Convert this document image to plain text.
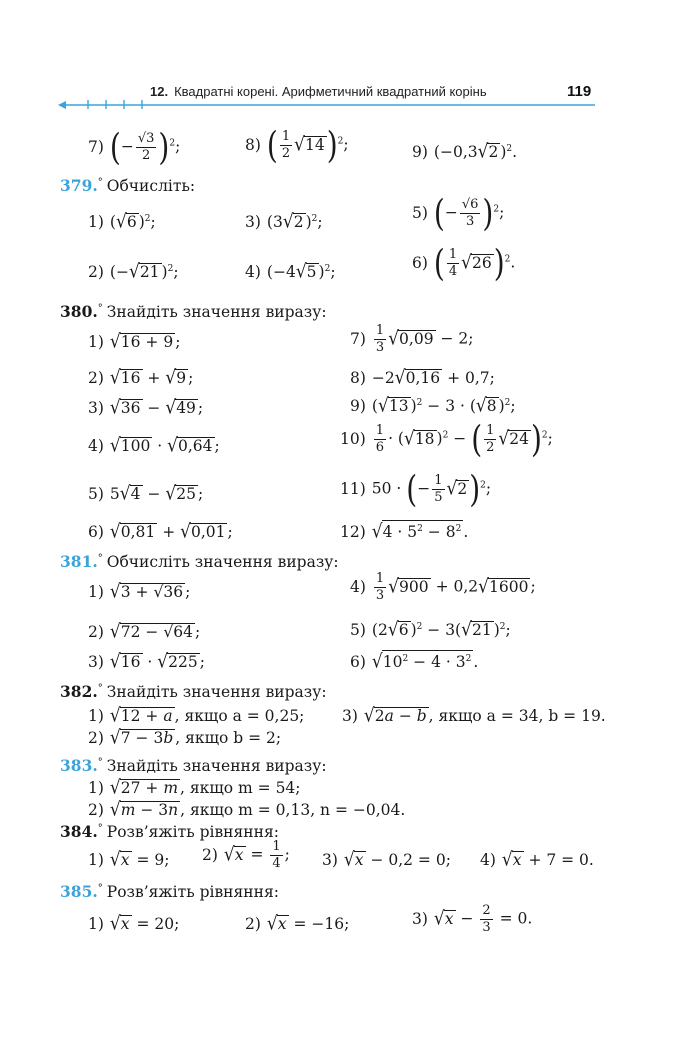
12. Квадратні корені. Арифметичний квадратний корінь	119
7) (− $\frac{√3}{2} )^2$;	8) ( $\frac{1}{2} √14)^2$;	9) (−0,3√2 )$^2$.
379.° Обчисліть:
1) (√6 )$^2$;	3) (3√2 )$^2$;
5) (− $\frac{√6}{3} )^2$;
2) (−√21 )$^2$;	4) (−4√5 )$^2$;
6) ( $\frac{1}{4} √26)^2$.
380.° Знайдіть значення виразу:
1) √16 + 9 ;	$7) \frac{1}{3} √0,09 - 2$;
2) √16 + √9 ;	8) −2√0,16 + 0,7;
3) √36 − √49 ;	9) (√13 )$^2$ − 3 · (√8 )$^2$;
4) √100 · √0,64 ;	$10) \frac{1}{6} \cdot (√18$ )$^2$ − ( $\frac{1}{2} √24)^2$;
5) 5√4 − √25 ;	11) 50 · (− $\frac{1}{5} √2)^2$;
6) √0,81 + √0,01 ;	12) $√4 \cdot 5^2 - 8^2$ .
381.° Обчисліть значення виразу:
1) √3 + √36 ;	$4) \frac{1}{3} √900 + 0,2√1600$ ;
2) √72 − √64 ;	5) (2√6 )$^2$ − 3(√21 )$^2$;
3) √16 · √225 ;	6) $√10^2 - 4 \cdot 3^2$ .
382.° Знайдіть значення виразу:
1) √12 + a , якщо a = 0,25; 3) √2a − b , якщо a = 34, b = 19.
2) √7 − 3b , якщо b = 2;
383.° Знайдіть значення виразу:
1) √27 + m , якщо m = 54;
2) √m − 3n , якщо m = 0,13, n = −0,04.
384.° Розв’яжіть рівняння:
1) √x = 9; 2) $√x = \frac{1}{4}$ ; 3) √x − 0,2 = 0; 4) √x + 7 = 0.
385.° Розв’яжіть рівняння:
1) √x = 20;	2) √x = −16;	3) $√x - \frac{2}{3} = 0$.
